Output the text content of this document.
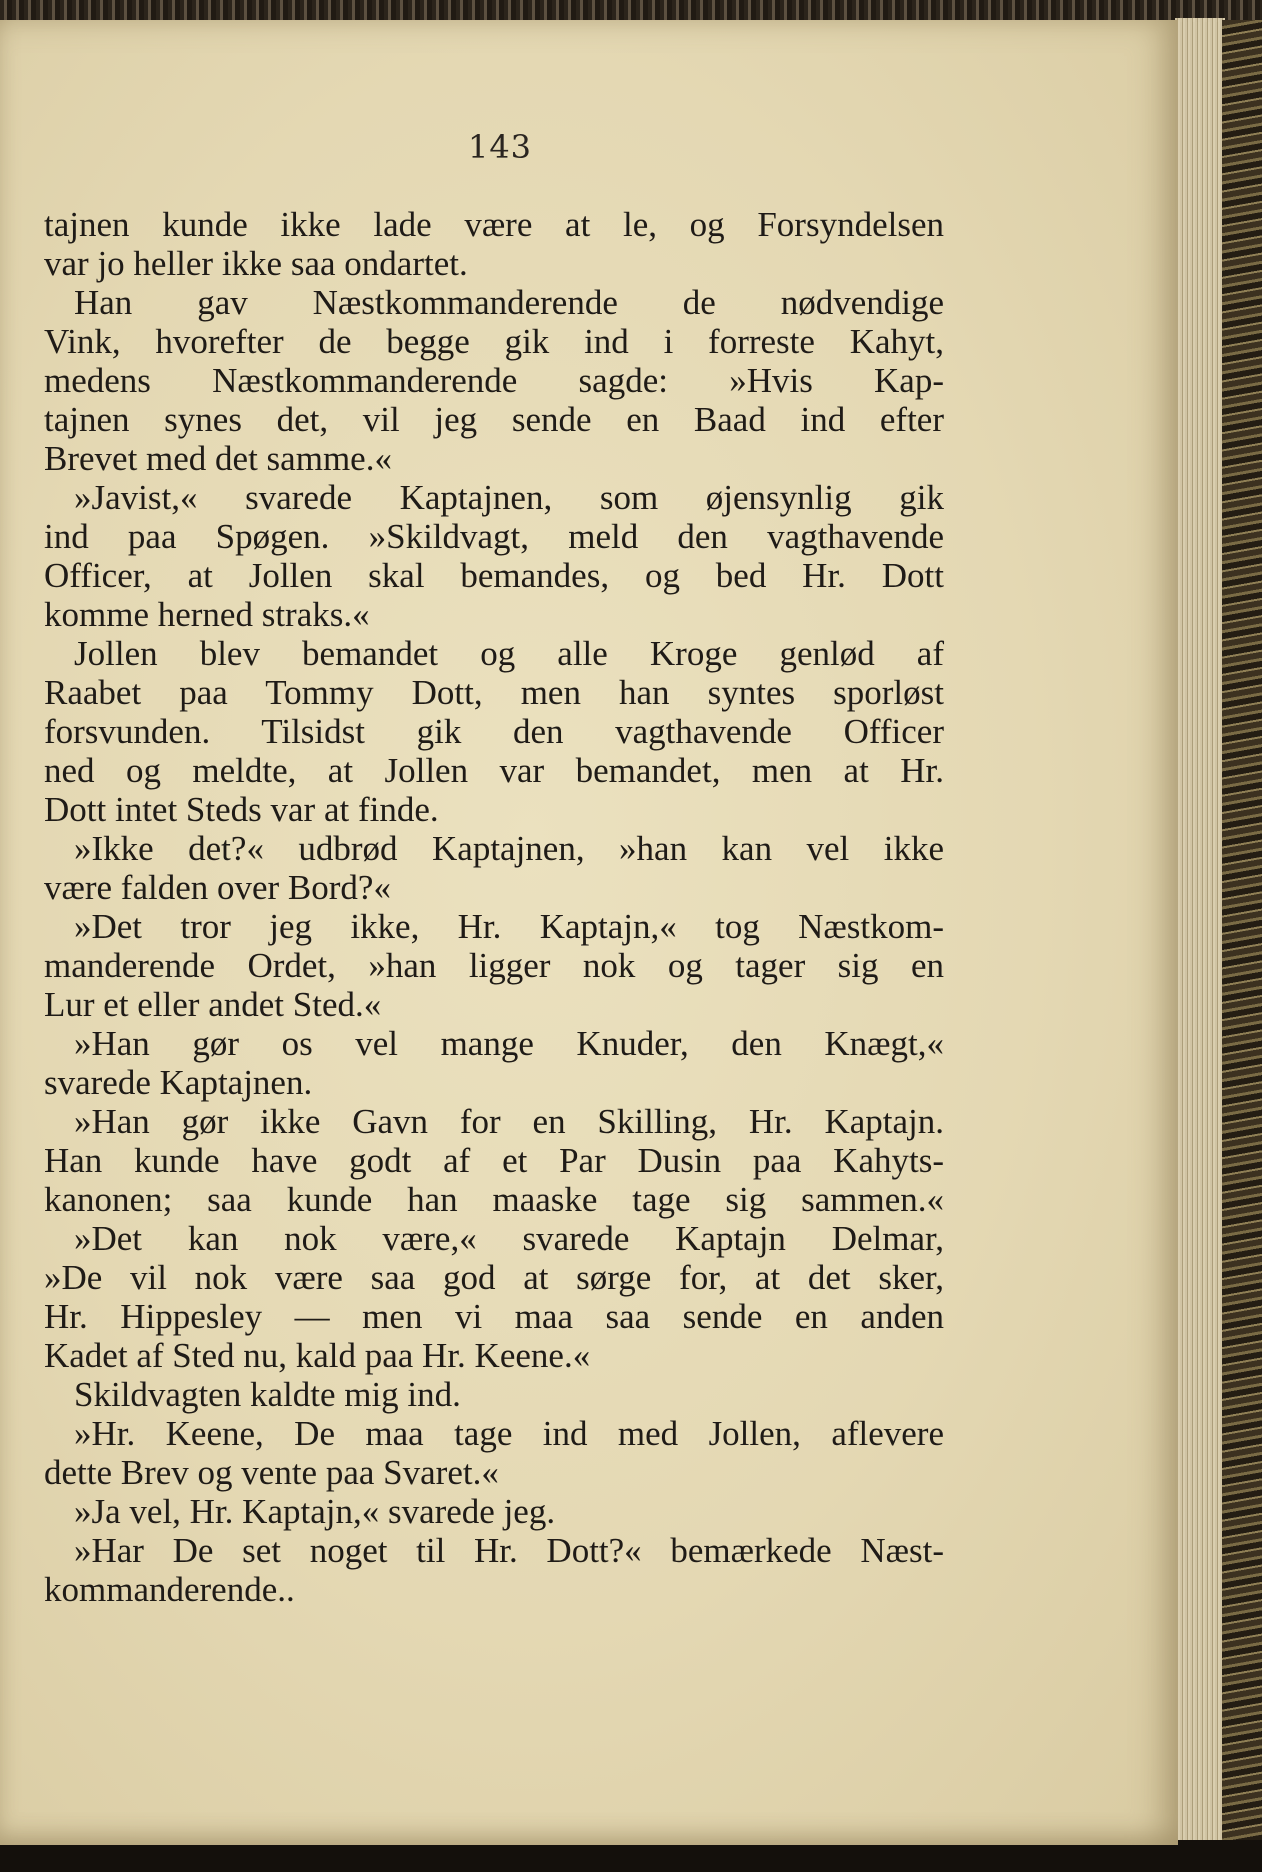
143
tajnen kunde ikke lade være at le, og Forsyndelsen
var jo heller ikke saa ondartet.
Han gav Næstkommanderende de nødvendige
Vink, hvorefter de begge gik ind i forreste Kahyt,
medens Næstkommanderende sagde: »Hvis Kap-
tajnen synes det, vil jeg sende en Baad ind efter
Brevet med det samme.«
»Javist,« svarede Kaptajnen, som øjensynlig gik
ind paa Spøgen. »Skildvagt, meld den vagthavende
Officer, at Jollen skal bemandes, og bed Hr. Dott
komme herned straks.«
Jollen blev bemandet og alle Kroge genlød af
Raabet paa Tommy Dott, men han syntes sporløst
forsvunden. Tilsidst gik den vagthavende Officer
ned og meldte, at Jollen var bemandet, men at Hr.
Dott intet Steds var at finde.
»Ikke det?« udbrød Kaptajnen, »han kan vel ikke
være falden over Bord?«
»Det tror jeg ikke, Hr. Kaptajn,« tog Næstkom-
manderende Ordet, »han ligger nok og tager sig en
Lur et eller andet Sted.«
»Han gør os vel mange Knuder, den Knægt,«
svarede Kaptajnen.
»Han gør ikke Gavn for en Skilling, Hr. Kaptajn.
Han kunde have godt af et Par Dusin paa Kahyts-
kanonen; saa kunde han maaske tage sig sammen.«
»Det kan nok være,« svarede Kaptajn Delmar,
»De vil nok være saa god at sørge for, at det sker,
Hr. Hippesley — men vi maa saa sende en anden
Kadet af Sted nu, kald paa Hr. Keene.«
Skildvagten kaldte mig ind.
»Hr. Keene, De maa tage ind med Jollen, aflevere
dette Brev og vente paa Svaret.«
»Ja vel, Hr. Kaptajn,« svarede jeg.
»Har De set noget til Hr. Dott?« bemærkede Næst-
kommanderende..
